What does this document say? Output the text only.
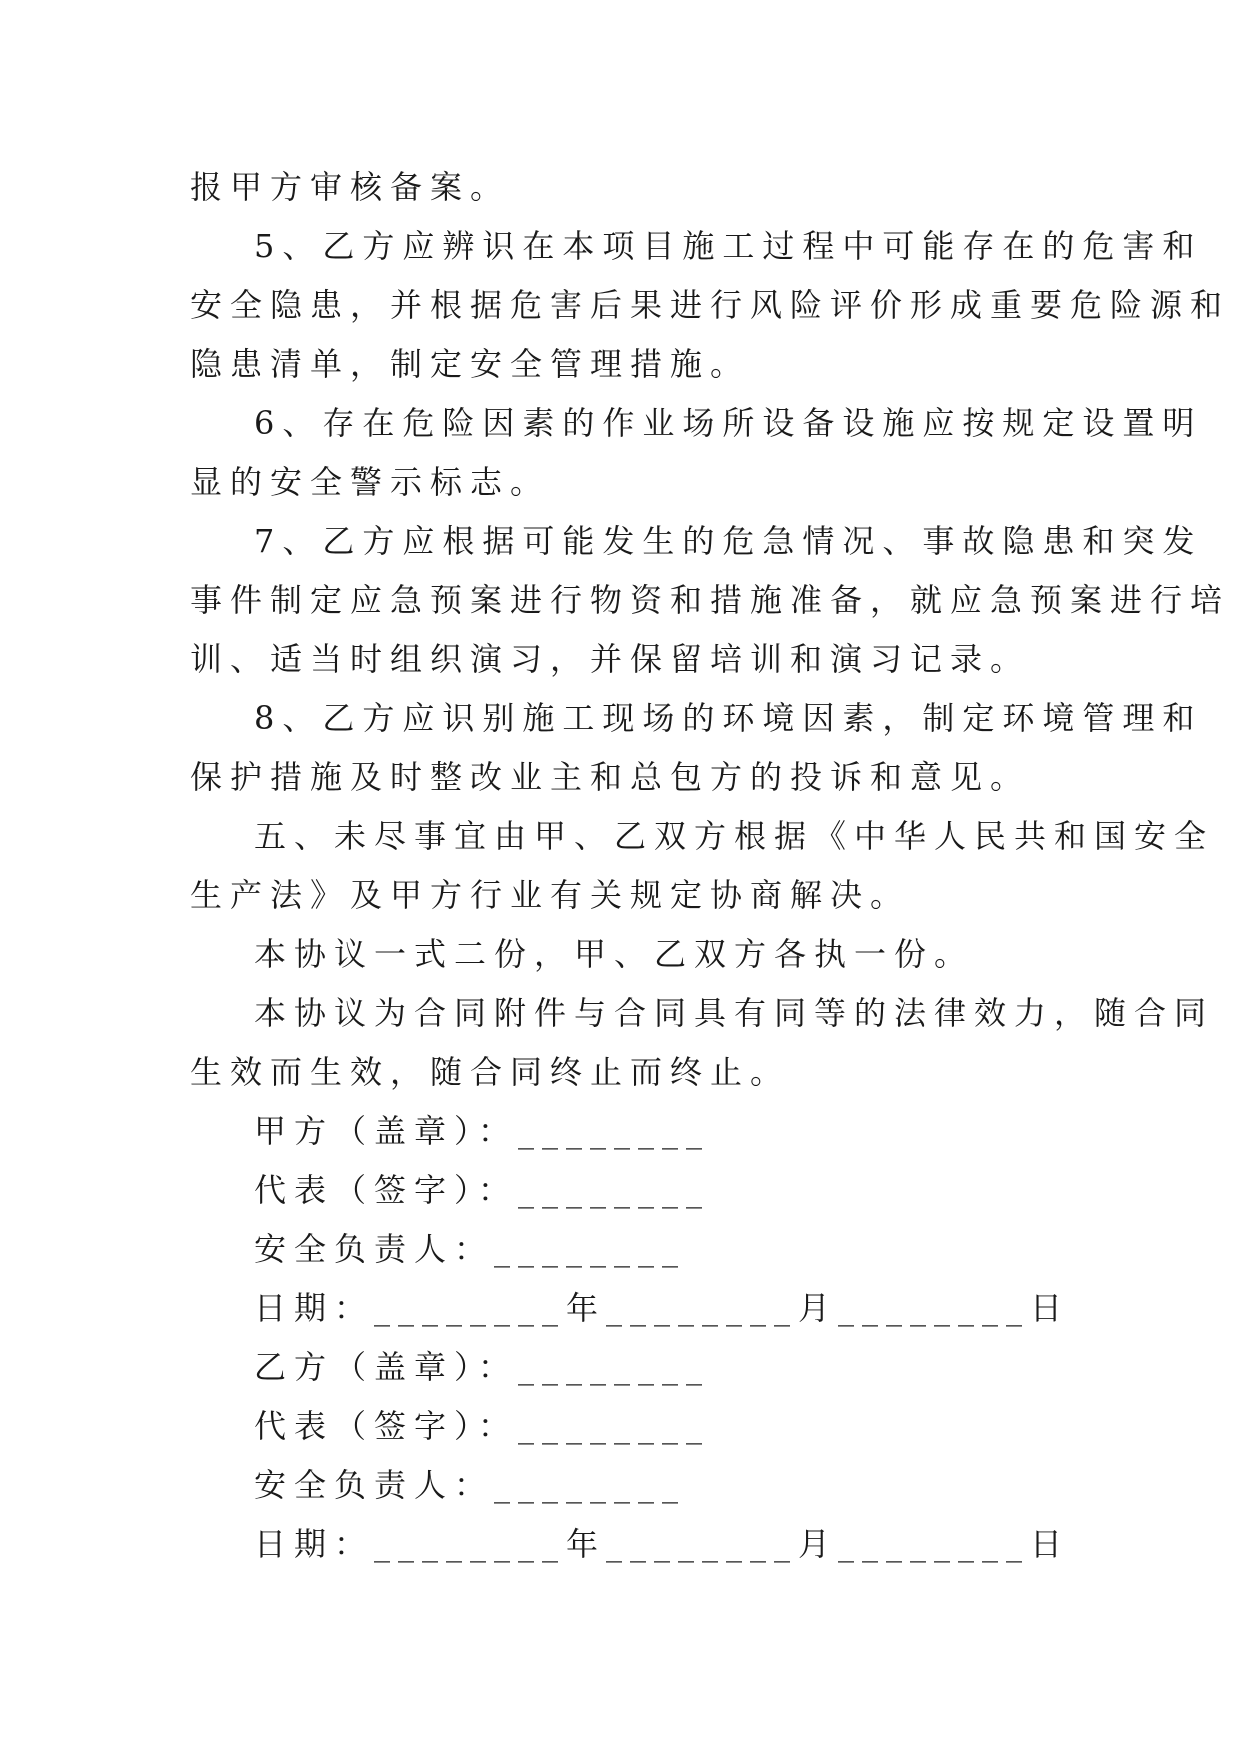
报甲方审核备案。
5、乙方应辨识在本项目施工过程中可能存在的危害和
安全隐患，并根据危害后果进行风险评价形成重要危险源和
隐患清单，制定安全管理措施。
6、存在危险因素的作业场所设备设施应按规定设置明
显的安全警示标志。
7、乙方应根据可能发生的危急情况、事故隐患和突发
事件制定应急预案进行物资和措施准备，就应急预案进行培
训、适当时组织演习，并保留培训和演习记录。
8、乙方应识别施工现场的环境因素，制定环境管理和
保护措施及时整改业主和总包方的投诉和意见。
五、未尽事宜由甲、乙双方根据《中华人民共和国安全
生产法》及甲方行业有关规定协商解决。
本协议一式二份，甲、乙双方各执一份。
本协议为合同附件与合同具有同等的法律效力，随合同
生效而生效，随合同终止而终止。
甲方（盖章）：________
代表（签字）：________
安全负责人：________
日期：________年________月________日
乙方（盖章）：________
代表（签字）：________
安全负责人：________
日期：________年________月________日
